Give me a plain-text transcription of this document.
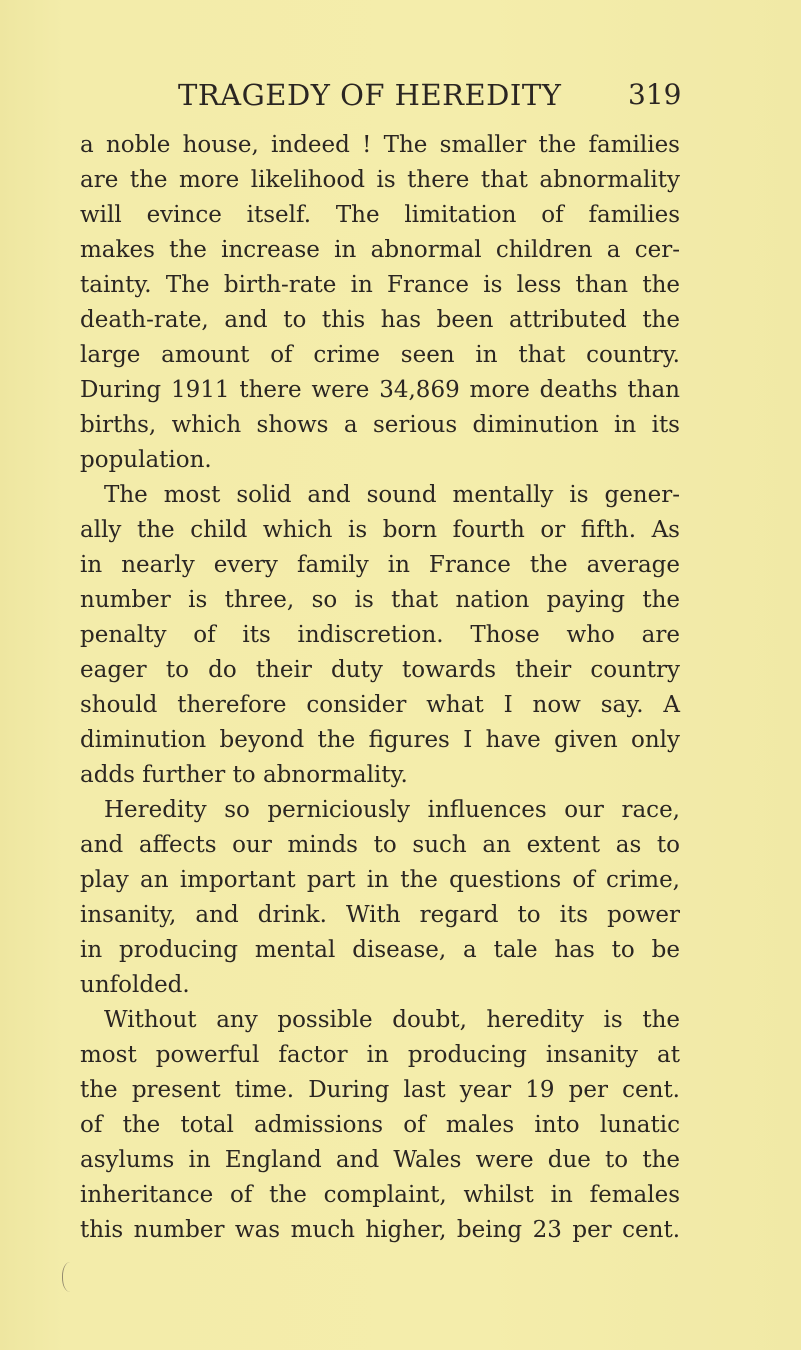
TRAGEDY OF HEREDITY 319
a noble house, indeed ! The smaller the families
are the more likelihood is there that abnormality
will evince itself. The limitation of families
makes the increase in abnormal children a cer-
tainty. The birth-rate in France is less than the
death-rate, and to this has been attributed the
large amount of crime seen in that country.
During 1911 there were 34,869 more deaths than
births, which shows a serious diminution in its
population.
The most solid and sound mentally is gener-
ally the child which is born fourth or fifth. As
in nearly every family in France the average
number is three, so is that nation paying the
penalty of its indiscretion. Those who are
eager to do their duty towards their country
should therefore consider what I now say. A
diminution beyond the figures I have given only
adds further to abnormality.
Heredity so perniciously influences our race,
and affects our minds to such an extent as to
play an important part in the questions of crime,
insanity, and drink. With regard to its power
in producing mental disease, a tale has to be
unfolded.
Without any possible doubt, heredity is the
most powerful factor in producing insanity at
the present time. During last year 19 per cent.
of the total admissions of males into lunatic
asylums in England and Wales were due to the
inheritance of the complaint, whilst in females
this number was much higher, being 23 per cent.
